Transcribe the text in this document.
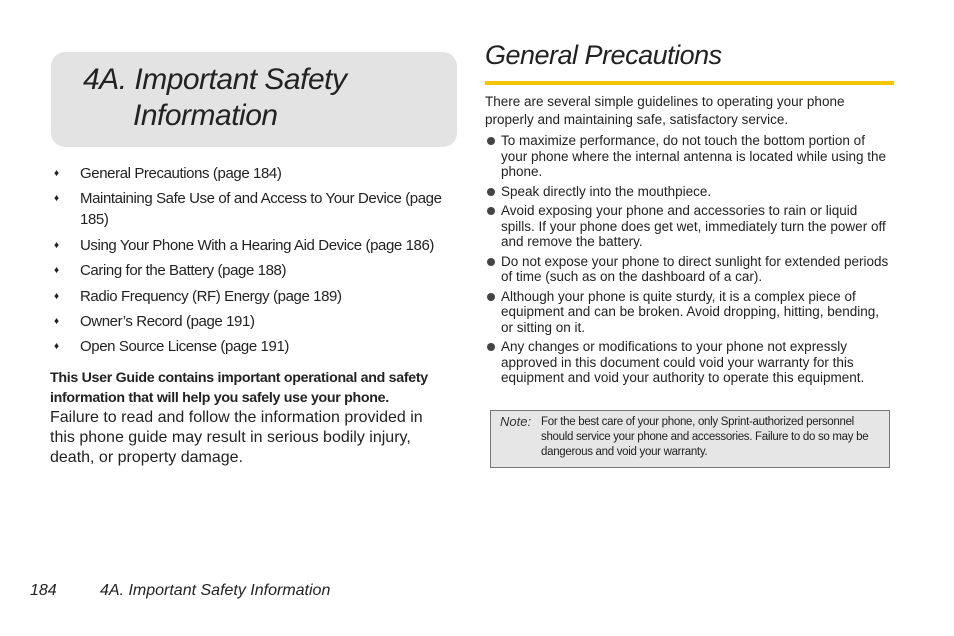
4A. Important Safety
Information
♦ General Precautions (page 184)
♦ Maintaining Safe Use of and Access to Your Device (page 185)
♦ Using Your Phone With a Hearing Aid Device (page 186)
♦ Caring for the Battery (page 188)
♦ Radio Frequency (RF) Energy (page 189)
♦ Owner’s Record (page 191)
♦ Open Source License (page 191)

This User Guide contains important operational and safety information that will help you safely use your phone. Failure to read and follow the information provided in this phone guide may result in serious bodily injury, death, or property damage.

General Precautions

There are several simple guidelines to operating your phone properly and maintaining safe, satisfactory service.

To maximize performance, do not touch the bottom portion of your phone where the internal antenna is located while using the phone.
Speak directly into the mouthpiece.
Avoid exposing your phone and accessories to rain or liquid spills. If your phone does get wet, immediately turn the power off and remove the battery.
Do not expose your phone to direct sunlight for extended periods of time (such as on the dashboard of a car).
Although your phone is quite sturdy, it is a complex piece of equipment and can be broken. Avoid dropping, hitting, bending, or sitting on it.
Any changes or modifications to your phone not expressly approved in this document could void your warranty for this equipment and void your authority to operate this equipment.
Note: For the best care of your phone, only Sprint-authorized personnel should service your phone and accessories. Failure to do so may be dangerous and void your warranty.
184	4A. Important Safety Information
